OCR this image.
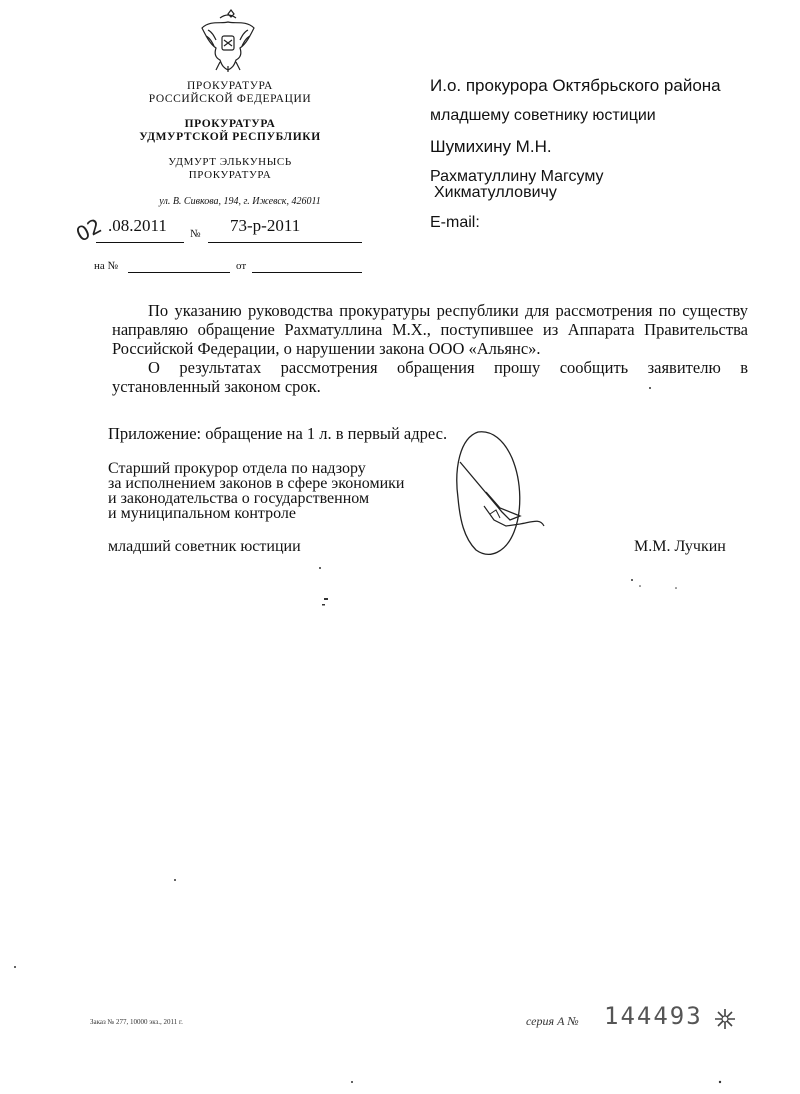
ПРОКУРАТУРА
РОССИЙСКОЙ ФЕДЕРАЦИИ
ПРОКУРАТУРА
УДМУРТСКОЙ РЕСПУБЛИКИ
УДМУРТ ЭЛЬКУНЫСЬ
ПРОКУРАТУРА
ул. В. Сивкова, 194, г. Ижевск, 426011
02 .08.2011 № 73-р-2011
на №	от
И.о. прокурора Октябрьского района
младшему советнику юстиции
Шумихину М.Н.
Рахматуллину Магсуму
Хикматулловичу
E-mail:

По указанию руководства прокуратуры республики для рассмотрения по существу направляю обращение Рахматуллина М.Х., поступившее из Аппарата Правительства Российской Федерации, о нарушении закона ООО «Альянс».

О результатах рассмотрения обращения прошу сообщить заявителю в установленный законом срок.

Приложение: обращение на 1 л. в первый адрес.
Старший прокурор отдела по надзору
за исполнением законов в сфере экономики
и законодательства о государственном
и муниципальном контроле
младший советник юстиции	М.М. Лучкин
Заказ № 277, 10000 экз., 2011 г.	серия А № 144493
